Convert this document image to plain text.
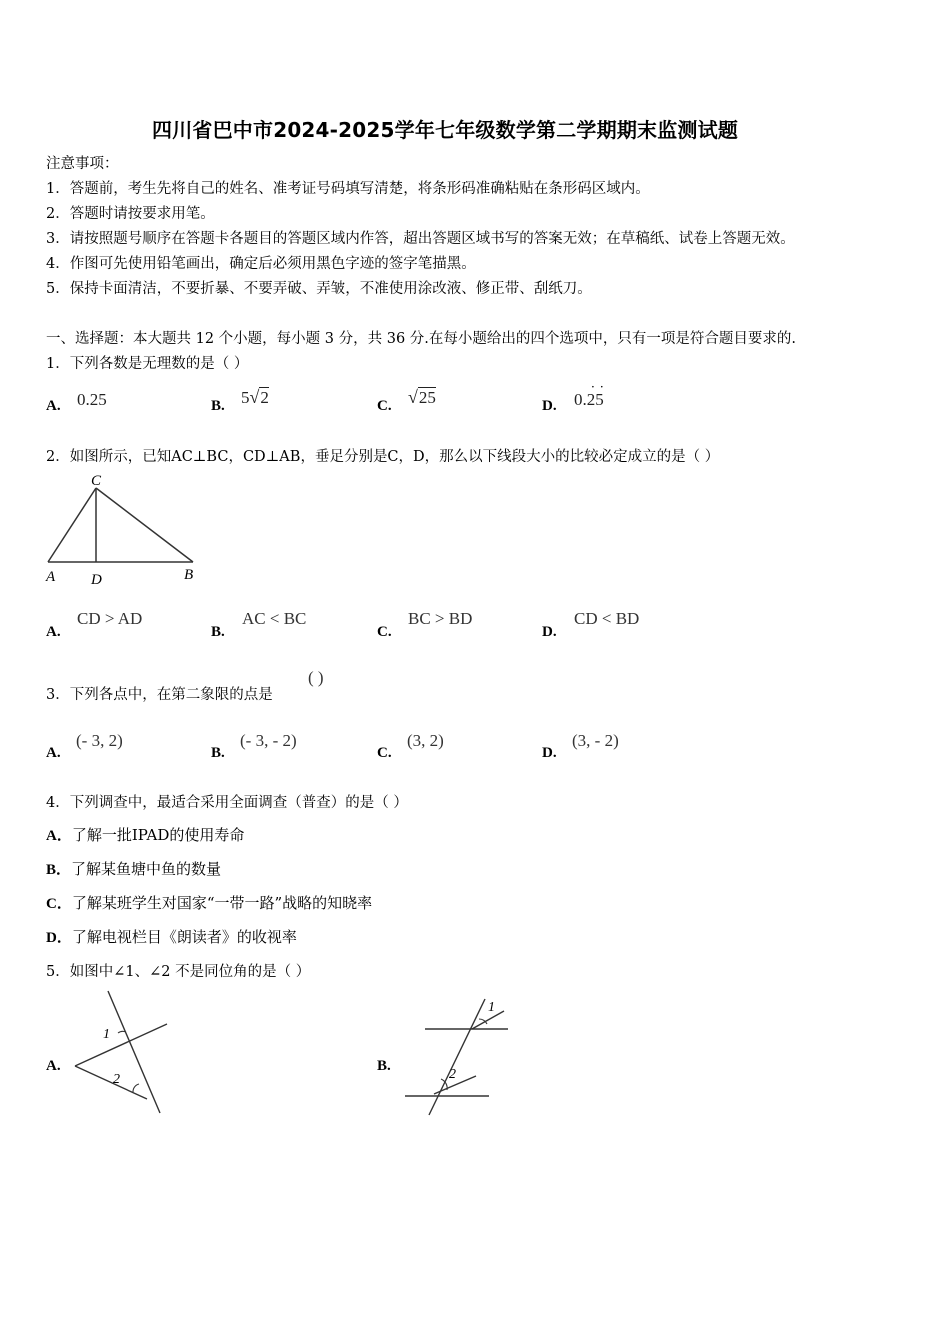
四川省巴中市2024-2025学年七年级数学第二学期期末监测试题
注意事项：
1．答题前，考生先将自己的姓名、准考证号码填写清楚，将条形码准确粘贴在条形码区域内。
2．答题时请按要求用笔。
3．请按照题号顺序在答题卡各题目的答题区域内作答，超出答题区域书写的答案无效；在草稿纸、试卷上答题无效。
4．作图可先使用铅笔画出，确定后必须用黑色字迹的签字笔描黑。
5．保持卡面清洁，不要折暴、不要弄破、弄皱，不准使用涂改液、修正带、刮纸刀。
一、选择题：本大题共 12 个小题，每小题 3 分，共 36 分.在每小题给出的四个选项中，只有一项是符合题目要求的.
1．下列各数是无理数的是（ ）
A. 0.25	B. 5√2	C. √25	D. 0.25
··
2．如图所示，已知AC⊥BC，CD⊥AB，垂足分别是C，D，那么以下线段大小的比较必定成立的是（ ）
C
A D	B
A.
CD > AD
B.
AC < BC
C.
BC > BD
D.
CD < BD
3．下列各点中，在第二象限的点是
( )
A.
(- 3, 2)
B.
(- 3, - 2)
C.
(3, 2)
D.
(3, - 2)
4．下列调查中，最适合采用全面调查（普查）的是（ ）
A．了解一批IPAD的使用寿命
B．了解某鱼塘中鱼的数量
C．了解某班学生对国家“一带一路”战略的知晓率
D．了解电视栏目《朗读者》的收视率
5．如图中∠1、∠2 不是同位角的是（ ）
A.
1
2
B.
1
2
